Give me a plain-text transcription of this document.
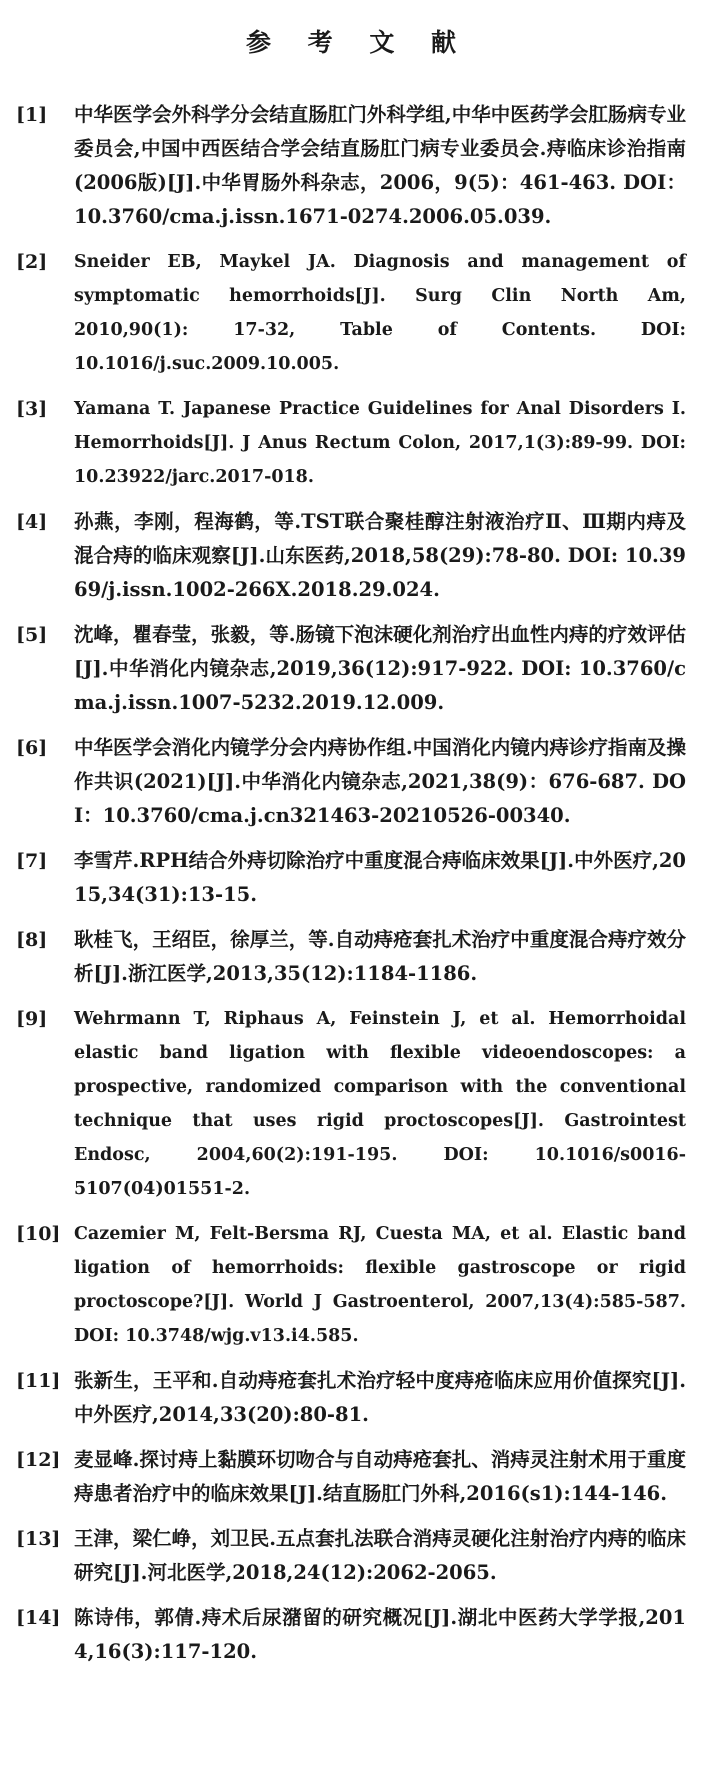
参 考 文 献
[1]	中华医学会外科学分会结直肠肛门外科学组,中华中医药学会肛肠病专业委员会,中国中西医结合学会结直肠肛门病专业委员会.痔临床诊治指南(2006版)[J].中华胃肠外科杂志，2006，9(5)：461-463. DOI：10.3760/cma.j.issn.1671-0274.2006.05.039.
[2]	Sneider EB, Maykel JA. Diagnosis and management of symptomatic hemorrhoids[J]. Surg Clin North Am, 2010,90(1): 17-32, Table of Contents. DOI: 10.1016/j.suc.2009.10.005.
[3]	Yamana T. Japanese Practice Guidelines for Anal Disorders I. Hemorrhoids[J]. J Anus Rectum Colon, 2017,1(3):89-99. DOI: 10.23922/jarc.2017-018.
[4]	孙燕，李刚，程海鹤，等.TST联合聚桂醇注射液治疗Ⅱ、Ⅲ期内痔及混合痔的临床观察[J].山东医药,2018,58(29):78-80. DOI: 10.3969/j.issn.1002-266X.2018.29.024.
[5]	沈峰，瞿春莹，张毅，等.肠镜下泡沫硬化剂治疗出血性内痔的疗效评估[J].中华消化内镜杂志,2019,36(12):917-922. DOI: 10.3760/cma.j.issn.1007-5232.2019.12.009.
[6]	中华医学会消化内镜学分会内痔协作组.中国消化内镜内痔诊疗指南及操作共识(2021)[J].中华消化内镜杂志,2021,38(9)：676-687. DOI：10.3760/cma.j.cn321463-20210526-00340.
[7]	李雪芹.RPH结合外痔切除治疗中重度混合痔临床效果[J].中外医疗,2015,34(31):13-15.
[8]	耿桂飞，王绍臣，徐厚兰，等.自动痔疮套扎术治疗中重度混合痔疗效分析[J].浙江医学,2013,35(12):1184-1186.
[9]	Wehrmann T, Riphaus A, Feinstein J, et al. Hemorrhoidal elastic band ligation with flexible videoendoscopes: a prospective, randomized comparison with the conventional technique that uses rigid proctoscopes[J]. Gastrointest Endosc, 2004,60(2):191-195. DOI: 10.1016/s0016-5107(04)01551-2.
[10] Cazemier M, Felt-Bersma RJ, Cuesta MA, et al. Elastic band ligation of hemorrhoids: flexible gastroscope or rigid proctoscope?[J]. World J Gastroenterol, 2007,13(4):585-587. DOI: 10.3748/wjg.v13.i4.585.
[11] 张新生，王平和.自动痔疮套扎术治疗轻中度痔疮临床应用价值探究[J].中外医疗,2014,33(20):80-81.
[12] 麦显峰.探讨痔上黏膜环切吻合与自动痔疮套扎、消痔灵注射术用于重度痔患者治疗中的临床效果[J].结直肠肛门外科,2016(s1):144-146.
[13] 王津，梁仁峥，刘卫民.五点套扎法联合消痔灵硬化注射治疗内痔的临床研究[J].河北医学,2018,24(12):2062-2065.
[14] 陈诗伟，郭倩.痔术后尿潴留的研究概况[J].湖北中医药大学学报,2014,16(3):117-120.
